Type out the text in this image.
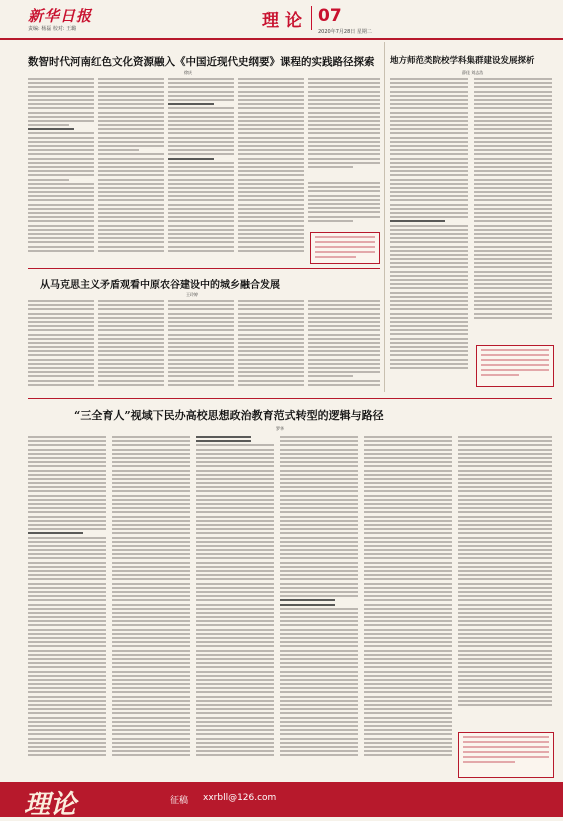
新华日报
责编: 杨磊 校对: 王璐	理论 07
2020年7月28日 星期二
数智时代河南红色文化资源融入《中国近现代史纲要》课程的实践路径探索
徐庆
地方师范类院校学科集群建设发展探析
薛佳 刘志浩
从马克思主义矛盾观看中原农谷建设中的城乡融合发展
王玲婷
“三全育人”视域下民办高校思想政治教育范式转型的逻辑与路径
罗华
理论	征稿 xxrbll@126.com
